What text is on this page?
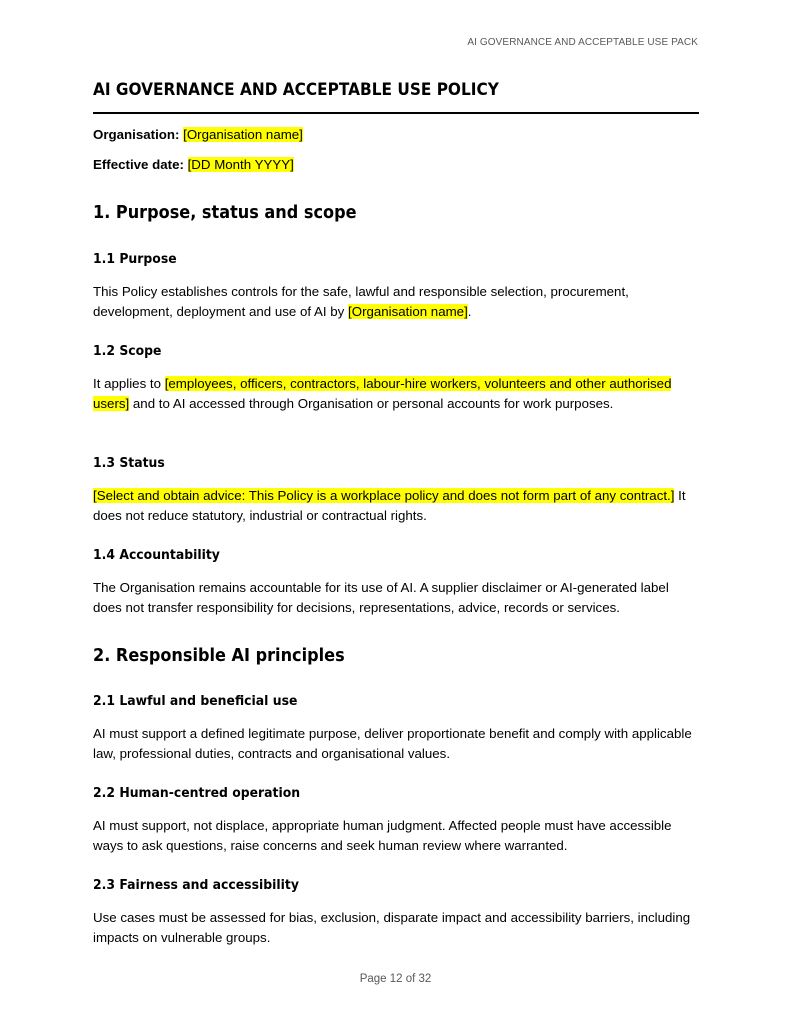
AI GOVERNANCE AND ACCEPTABLE USE PACK
AI GOVERNANCE AND ACCEPTABLE USE POLICY

Organisation: [Organisation name]

Effective date: [DD Month YYYY]

1. Purpose, status and scope
1.1 Purpose

This Policy establishes controls for the safe, lawful and responsible selection, procurement, development, deployment and use of AI by [Organisation name].

1.2 Scope

It applies to [employees, officers, contractors, labour-hire workers, volunteers and other authorised users] and to AI accessed through Organisation or personal accounts for work purposes.

1.3 Status

[Select and obtain advice: This Policy is a workplace policy and does not form part of any contract.] It does not reduce statutory, industrial or contractual rights.

1.4 Accountability

The Organisation remains accountable for its use of AI. A supplier disclaimer or AI-generated label does not transfer responsibility for decisions, representations, advice, records or services.

2. Responsible AI principles
2.1 Lawful and beneficial use

AI must support a defined legitimate purpose, deliver proportionate benefit and comply with applicable law, professional duties, contracts and organisational values.

2.2 Human-centred operation

AI must support, not displace, appropriate human judgment. Affected people must have accessible ways to ask questions, raise concerns and seek human review where warranted.

2.3 Fairness and accessibility

Use cases must be assessed for bias, exclusion, disparate impact and accessibility barriers, including impacts on vulnerable groups.

Page 12 of 32
